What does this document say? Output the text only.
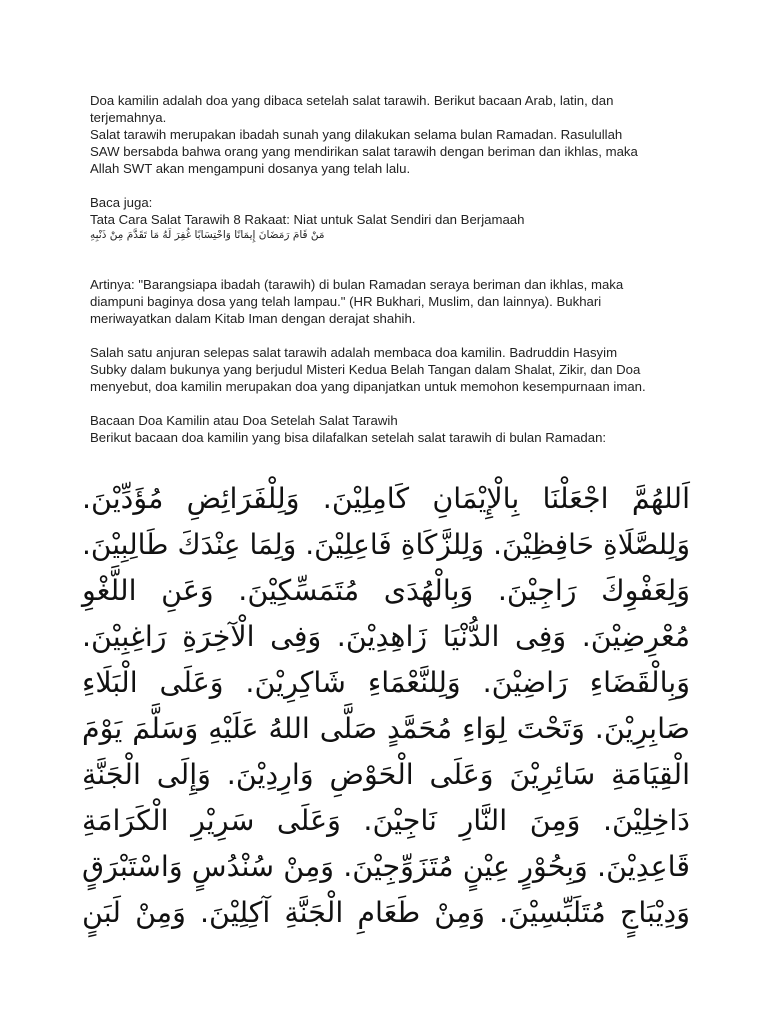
Doa kamilin adalah doa yang dibaca setelah salat tarawih. Berikut bacaan Arab, latin, dan

terjemahnya.

Salat tarawih merupakan ibadah sunah yang dilakukan selama bulan Ramadan. Rasulullah

SAW bersabda bahwa orang yang mendirikan salat tarawih dengan beriman dan ikhlas, maka

Allah SWT akan mengampuni dosanya yang telah lalu.

Baca juga:

Tata Cara Salat Tarawih 8 Rakaat: Niat untuk Salat Sendiri dan Berjamaah

مَنْ قَامَ رَمَضَانَ إِيمَانًا وَاحْتِسَابًا غُفِرَ لَهُ مَا تَقَدَّمَ مِنْ ذَنْبِهِ

Artinya: "Barangsiapa ibadah (tarawih) di bulan Ramadan seraya beriman dan ikhlas, maka

diampuni baginya dosa yang telah lampau." (HR Bukhari, Muslim, dan lainnya). Bukhari

meriwayatkan dalam Kitab Iman dengan derajat shahih.

Salah satu anjuran selepas salat tarawih adalah membaca doa kamilin. Badruddin Hasyim

Subky dalam bukunya yang berjudul Misteri Kedua Belah Tangan dalam Shalat, Zikir, dan Doa

menyebut, doa kamilin merupakan doa yang dipanjatkan untuk memohon kesempurnaan iman.

Bacaan Doa Kamilin atau Doa Setelah Salat Tarawih

Berikut bacaan doa kamilin yang bisa dilafalkan setelah salat tarawih di bulan Ramadan:

اَللهُمَّ اجْعَلْنَا بِالْإِيْمَانِ كَامِلِيْنَ. وَلِلْفَرَائِضِ مُؤَدِّيْنَ.
وَلِلصَّلَاةِ حَافِظِيْنَ. وَلِلزَّكَاةِ فَاعِلِيْنَ. وَلِمَا عِنْدَكَ طَالِبِيْنَ.
وَلِعَفْوِكَ رَاجِيْنَ. وَبِالْهُدَى مُتَمَسِّكِيْنَ. وَعَنِ اللَّغْوِ
مُعْرِضِيْنَ. وَفِى الدُّنْيَا زَاهِدِيْنَ. وَفِى الْآخِرَةِ رَاغِبِيْنَ.
وَبِالْقَضَاءِ رَاضِيْنَ. وَلِلنَّعْمَاءِ شَاكِرِيْنَ. وَعَلَى الْبَلَاءِ
صَابِرِيْنَ. وَتَحْتَ لِوَاءِ مُحَمَّدٍ صَلَّى اللهُ عَلَيْهِ وَسَلَّمَ يَوْمَ
الْقِيَامَةِ سَائِرِيْنَ وَعَلَى الْحَوْضِ وَارِدِيْنَ. وَإِلَى الْجَنَّةِ
دَاخِلِيْنَ. وَمِنَ النَّارِ نَاجِيْنَ. وَعَلَى سَرِيْرِ الْكَرَامَةِ
قَاعِدِيْنَ. وَبِحُوْرٍ عِيْنٍ مُتَزَوِّجِيْنَ. وَمِنْ سُنْدُسٍ وَاسْتَبْرَقٍ
وَدِيْبَاجٍ مُتَلَبِّسِيْنَ. وَمِنْ طَعَامِ الْجَنَّةِ آكِلِيْنَ. وَمِنْ لَبَنٍ
